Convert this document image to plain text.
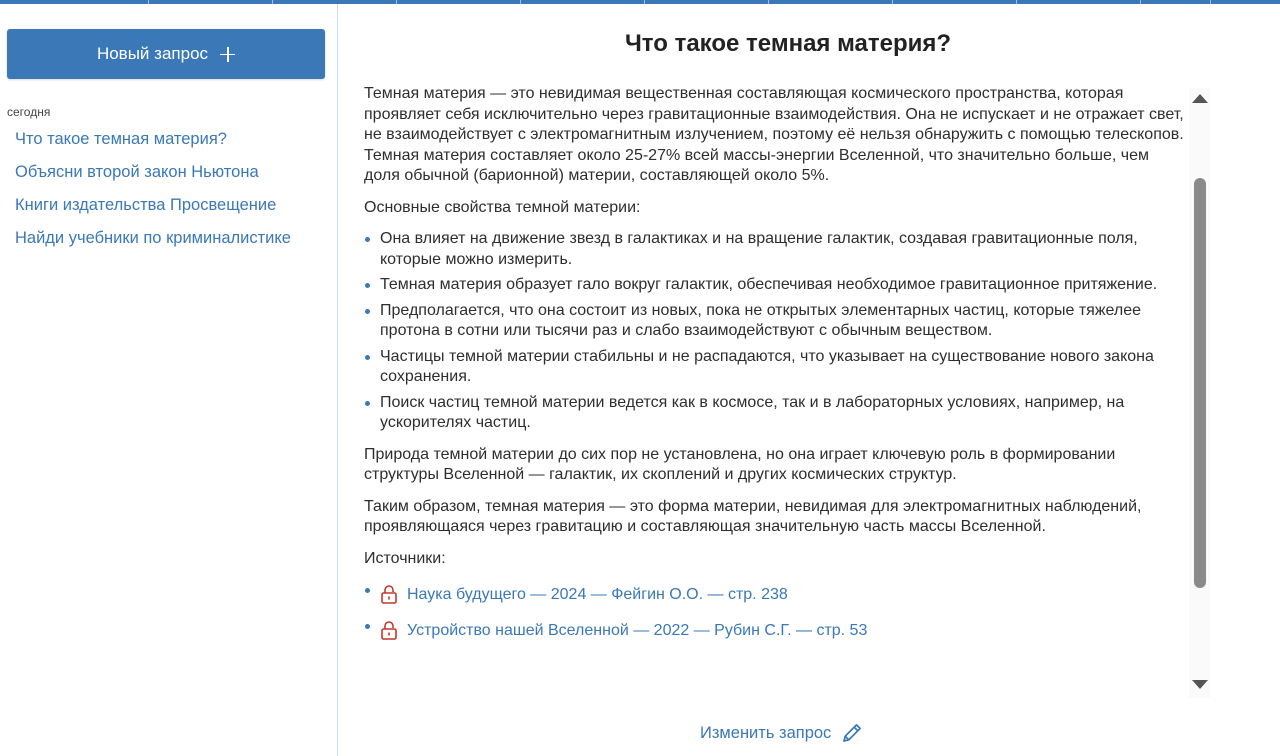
Новый запрос
сегодня
Что такое темная материя?
Объясни второй закон Ньютона
Книги издательства Просвещение
Найди учебники по криминалистике
Что такое темная материя?

Темная материя — это невидимая вещественная составляющая космического пространства, которая проявляет себя исключительно через гравитационные взаимодействия. Она не испускает и не отражает свет, не взаимодействует с электромагнитным излучением, поэтому её нельзя обнаружить с помощью телескопов. Темная материя составляет около 25-27% всей массы-энергии Вселенной, что значительно больше, чем доля обычной (барионной) материи, составляющей около 5%.

Основные свойства темной материи:

Она влияет на движение звезд в галактиках и на вращение галактик, создавая гравитационные поля, которые можно измерить.
Темная материя образует гало вокруг галактик, обеспечивая необходимое гравитационное притяжение.
Предполагается, что она состоит из новых, пока не открытых элементарных частиц, которые тяжелее протона в сотни или тысячи раз и слабо взаимодействуют с обычным веществом.
Частицы темной материи стабильны и не распадаются, что указывает на существование нового закона сохранения.
Поиск частиц темной материи ведется как в космосе, так и в лабораторных условиях, например, на ускорителях частиц.

Природа темной материи до сих пор не установлена, но она играет ключевую роль в формировании структуры Вселенной — галактик, их скоплений и других космических структур.

Таким образом, темная материя — это форма материи, невидимая для электромагнитных наблюдений, проявляющаяся через гравитацию и составляющая значительную часть массы Вселенной.

Источники:

Наука будущего — 2024 — Фейгин О.О. — стр. 238
Устройство нашей Вселенной — 2022 — Рубин С.Г. — стр. 53
Изменить запрос
